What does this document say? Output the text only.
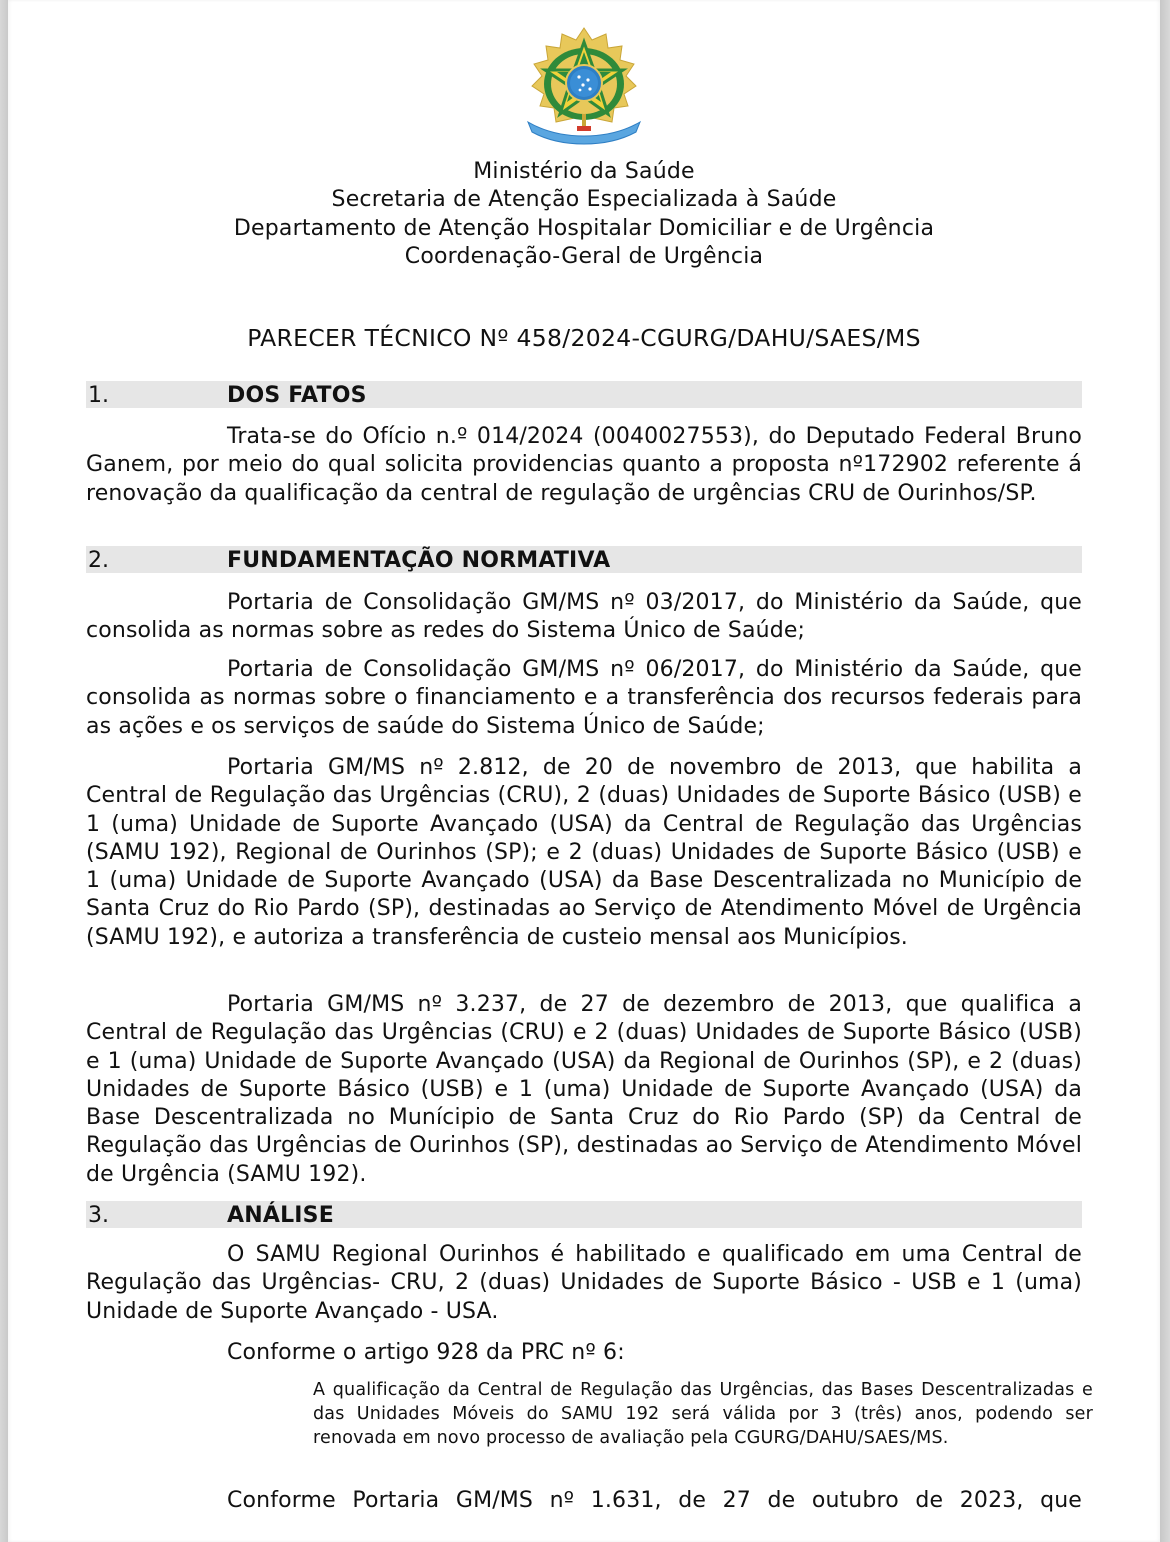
Ministério da Saúde
Secretaria de Atenção Especializada à Saúde
Departamento de Atenção Hospitalar Domiciliar e de Urgência
Coordenação-Geral de Urgência
PARECER TÉCNICO Nº 458/2024-CGURG/DAHU/SAES/MS
1.	DOS FATOS

Trata-se do Ofício n.º 014/2024 (0040027553), do Deputado Federal Bruno Ganem, por meio do qual solicita providencias quanto a proposta nº172902 referente á renovação da qualificação da central de regulação de urgências CRU de Ourinhos/SP.

2.	FUNDAMENTAÇÃO NORMATIVA

Portaria de Consolidação GM/MS nº 03/2017, do Ministério da Saúde, que consolida as normas sobre as redes do Sistema Único de Saúde;

Portaria de Consolidação GM/MS nº 06/2017, do Ministério da Saúde, que consolida as normas sobre o financiamento e a transferência dos recursos federais para as ações e os serviços de saúde do Sistema Único de Saúde;

Portaria GM/MS nº 2.812, de 20 de novembro de 2013, que habilita a Central de Regulação das Urgências (CRU), 2 (duas) Unidades de Suporte Básico (USB) e 1 (uma) Unidade de Suporte Avançado (USA) da Central de Regulação das Urgências (SAMU 192), Regional de Ourinhos (SP); e 2 (duas) Unidades de Suporte Básico (USB) e 1 (uma) Unidade de Suporte Avançado (USA) da Base Descentralizada no Município de Santa Cruz do Rio Pardo (SP), destinadas ao Serviço de Atendimento Móvel de Urgência (SAMU 192), e autoriza a transferência de custeio mensal aos Municípios.

Portaria GM/MS nº 3.237, de 27 de dezembro de 2013, que qualifica a Central de Regulação das Urgências (CRU) e 2 (duas) Unidades de Suporte Básico (USB) e 1 (uma) Unidade de Suporte Avançado (USA) da Regional de Ourinhos (SP), e 2 (duas) Unidades de Suporte Básico (USB) e 1 (uma) Unidade de Suporte Avançado (USA) da Base Descentralizada no Munícipio de Santa Cruz do Rio Pardo (SP) da Central de Regulação das Urgências de Ourinhos (SP), destinadas ao Serviço de Atendimento Móvel de Urgência (SAMU 192).

3.	ANÁLISE

O SAMU Regional Ourinhos é habilitado e qualificado em uma Central de Regulação das Urgências- CRU, 2 (duas) Unidades de Suporte Básico - USB e 1 (uma) Unidade de Suporte Avançado - USA.

Conforme o artigo 928 da PRC nº 6:

A qualificação da Central de Regulação das Urgências, das Bases Descentralizadas e das Unidades Móveis do SAMU 192 será válida por 3 (três) anos, podendo ser renovada em novo processo de avaliação pela CGURG/DAHU/SAES/MS.

Conforme Portaria GM/MS nº 1.631, de 27 de outubro de 2023, que
